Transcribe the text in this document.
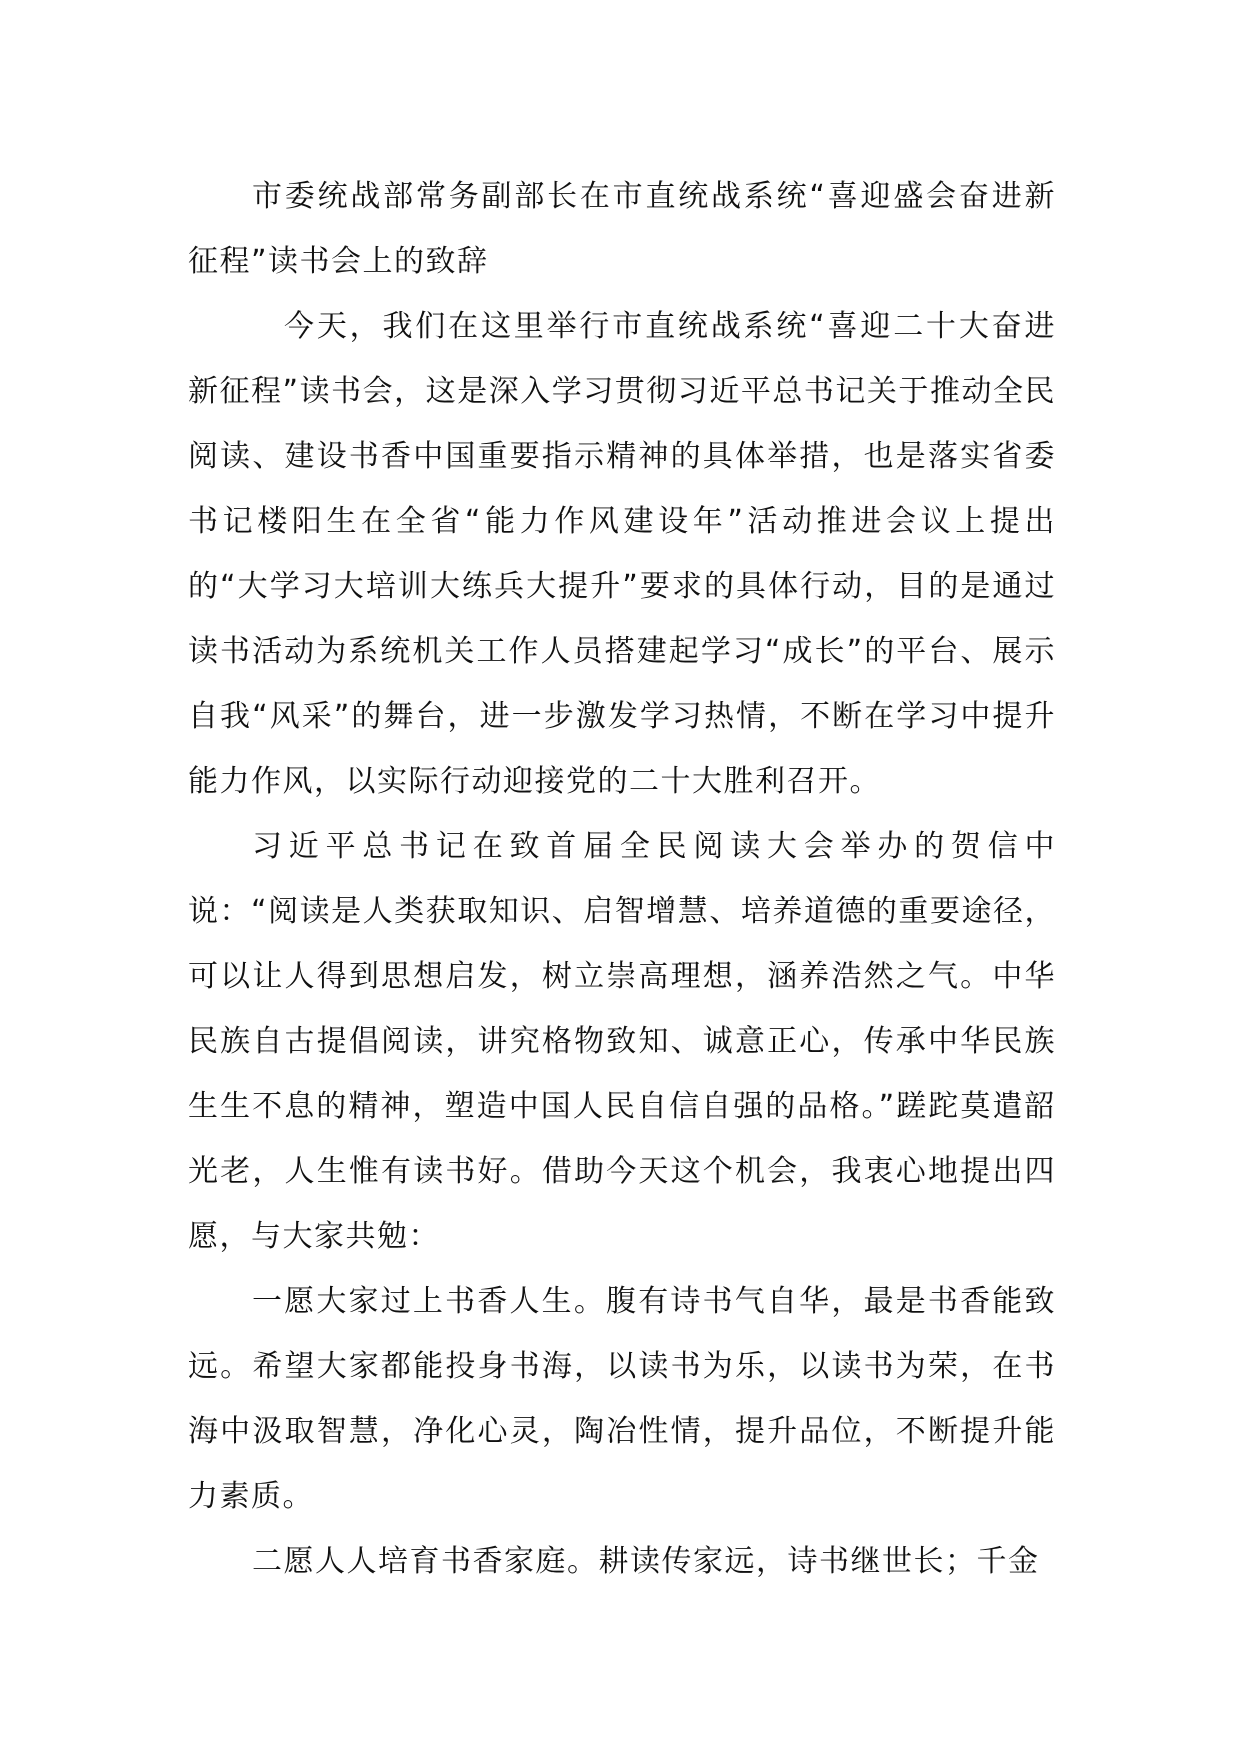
市委统战部常务副部长在市直统战系统“喜迎盛会奋进新征程”读书会上的致辞

今天，我们在这里举行市直统战系统“喜迎二十大奋进新征程”读书会，这是深入学习贯彻习近平总书记关于推动全民阅读、建设书香中国重要指示精神的具体举措，也是落实省委书记楼阳生在全省“能力作风建设年”活动推进会议上提出的“大学习大培训大练兵大提升”要求的具体行动，目的是通过读书活动为系统机关工作人员搭建起学习“成长”的平台、展示自我“风采”的舞台，进一步激发学习热情，不断在学习中提升能力作风，以实际行动迎接党的二十大胜利召开。

习近平总书记在致首届全民阅读大会举办的贺信中说：“阅读是人类获取知识、启智增慧、培养道德的重要途径，可以让人得到思想启发，树立崇高理想，涵养浩然之气。中华民族自古提倡阅读，讲究格物致知、诚意正心，传承中华民族生生不息的精神，塑造中国人民自信自强的品格。”蹉跎莫遣韶光老，人生惟有读书好。借助今天这个机会，我衷心地提出四愿，与大家共勉：

一愿大家过上书香人生。腹有诗书气自华，最是书香能致远。希望大家都能投身书海，以读书为乐，以读书为荣，在书海中汲取智慧，净化心灵，陶冶性情，提升品位，不断提升能力素质。

二愿人人培育书香家庭。耕读传家远，诗书继世长；千金
